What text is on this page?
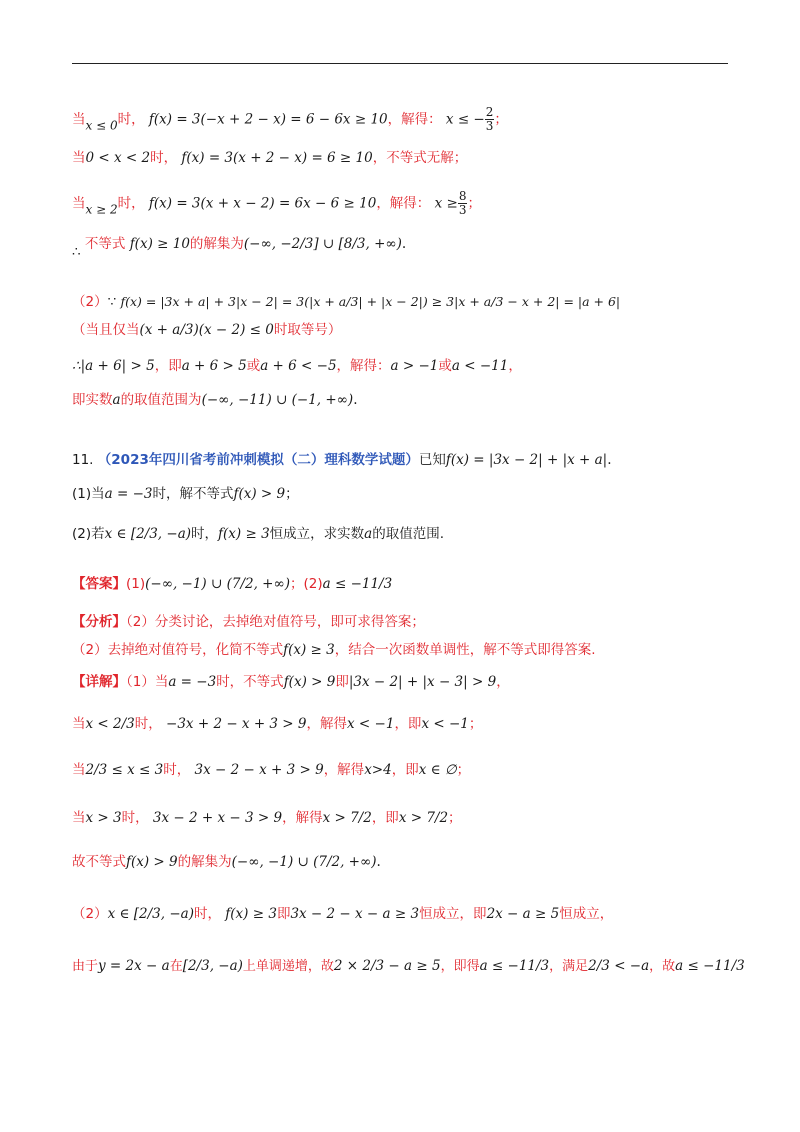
当x ≤ 0时， f(x) = 3(−x + 2 − x) = 6 − 6x ≥ 10，解得： x ≤ − $\frac{2}{3}$ ；
当0 < x < 2时， f(x) = 3(x + 2 − x) = 6 ≥ 10，不等式无解；
当x ≥ 2时， f(x) = 3(x + x − 2) = 6x − 6 ≥ 10，解得： $x \ge \frac{8}{3}$ ；
∴ 不等式 f(x) ≥ 10的解集为(−∞, −2/3] ∪ [8/3, +∞).
（2）∵ f(x) = |3x + a| + 3|x − 2| = 3(|x + a/3| + |x − 2|) ≥ 3|x + a/3 − x + 2| = |a + 6|
（当且仅当(x + a/3)(x − 2) ≤ 0时取等号）
∴|a + 6| > 5，即a + 6 > 5或a + 6 < −5，解得：a > −1或a < −11，
即实数a的取值范围为(−∞, −11) ∪ (−1, +∞).
11. （2023年四川省考前冲刺模拟（二）理科数学试题）已知f(x) = |3x − 2| + |x + a|.
(1)当a = −3时，解不等式f(x) > 9；
(2)若x ∈ [2/3, −a)时，f(x) ≥ 3恒成立，求实数a的取值范围.
【答案】(1)(−∞, −1) ∪ (7/2, +∞)；(2)a ≤ −11/3
【分析】（2）分类讨论，去掉绝对值符号，即可求得答案；
（2）去掉绝对值符号，化简不等式f(x) ≥ 3，结合一次函数单调性，解不等式即得答案.
【详解】（1）当a = −3时，不等式f(x) > 9即|3x − 2| + |x − 3| > 9，
当x < 2/3时， −3x + 2 − x + 3 > 9，解得x < −1，即x < −1；
当2/3 ≤ x ≤ 3时， 3x − 2 − x + 3 > 9，解得x>4，即x ∈ ∅；
当x > 3时， 3x − 2 + x − 3 > 9，解得x > 7/2，即x > 7/2；
故不等式f(x) > 9的解集为(−∞, −1) ∪ (7/2, +∞).
（2）x ∈ [2/3, −a)时， f(x) ≥ 3即3x − 2 − x − a ≥ 3恒成立，即2x − a ≥ 5恒成立，
由于y = 2x − a在[2/3, −a)上单调递增，故2 × 2/3 − a ≥ 5，即得a ≤ −11/3，满足2/3 < −a，故a ≤ −11/3
